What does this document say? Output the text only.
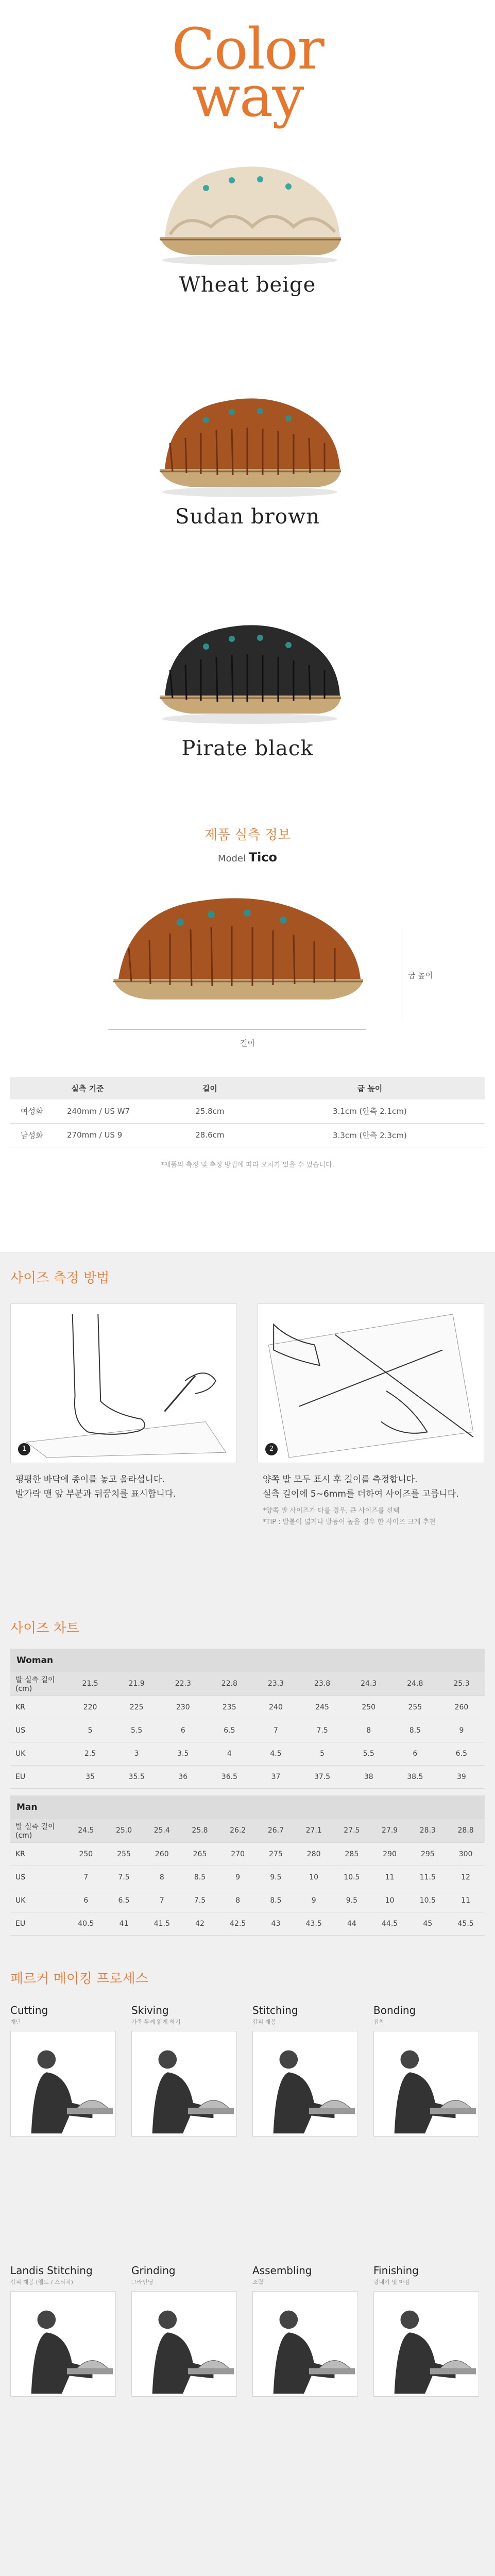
Color
way
Wheat beige
Sudan brown
Pirate black
제품 실측 정보
Model Tico
굽 높이
길이
실측 기준		길이	굽 높이
여성화	240mm / US W7	25.8cm	3.1cm (안측 2.1cm)
남성화	270mm / US 9	28.6cm	3.3cm (안측 2.3cm)
*제품의 측정 및 측정 방법에 따라 오차가 있을 수 있습니다.
사이즈 측정 방법
1	2
평평한 바닥에 종이를 놓고 올라섭니다.
발가락 맨 앞 부분과 뒤꿈치를 표시합니다.
양쪽 발 모두 표시 후 길이를 측정합니다.
실측 길이에 5~6mm를 더하여 사이즈를 고릅니다.
*양쪽 발 사이즈가 다를 경우, 큰 사이즈를 선택
*TIP : 발볼이 넓거나 발등이 높을 경우 한 사이즈 크게 추천
사이즈 차트
Woman
발 실측 길이(cm)	21.5	21.9	22.3	22.8	23.3	23.8	24.3	24.8	25.3
KR	220	225	230	235	240	245	250	255	260
US	5	5.5	6	6.5	7	7.5	8	8.5	9
UK	2.5	3	3.5	4	4.5	5	5.5	6	6.5
EU	35	35.5	36	36.5	37	37.5	38	38.5	39
Man
발 실측 길이(cm)	24.5	25.0	25.4	25.8	26.2	26.7	27.1	27.5	27.9	28.3	28.8
KR	250	255	260	265	270	275	280	285	290	295	300
US	7	7.5	8	8.5	9	9.5	10	10.5	11	11.5	12
UK	6	6.5	7	7.5	8	8.5	9	9.5	10	10.5	11
EU	40.5	41	41.5	42	42.5	43	43.5	44	44.5	45	45.5
페르커 메이킹 프로세스
Cutting
재단
Skiving
가죽 두께 얇게 하기
Stitching
갑피 재봉
Bonding
접착
Landis Stitching
갑피 재봉 (웰트 / 스티치)
Grinding
그라인딩
Assembling
조립
Finishing
광내기 및 마감
